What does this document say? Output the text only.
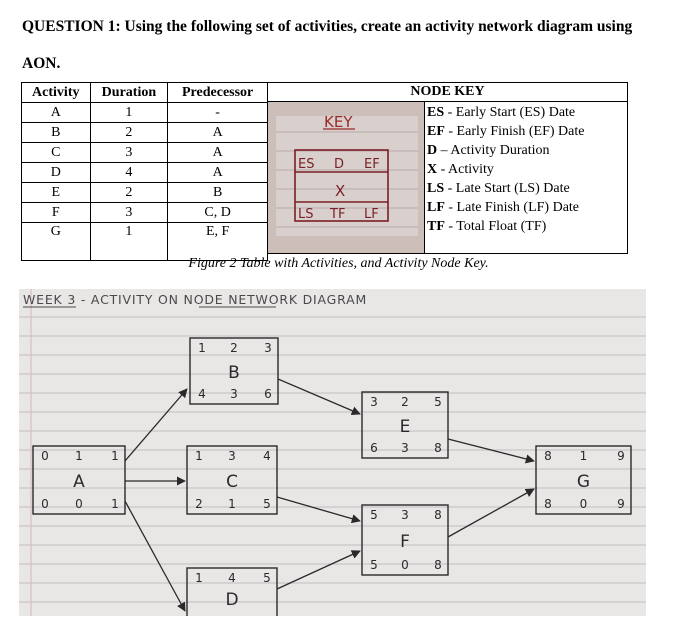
QUESTION 1: Using the following set of activities, create an activity network diagram using AON.
Activity	Duration	Predecessor
A	1	-
B	2	A
C	3	A
D	4	A
E	2	B
F	3	C, D
G	1	E, F
NODE KEY
KEY
ES D EF
X
LS TF LF
ES - Early Start (ES) Date
EF - Early Finish (EF) Date
D – Activity Duration
X - Activity
LS - Late Start (LS) Date
LF - Late Finish (LF) Date
TF - Total Float (TF)
Figure 2 Table with Activities, and Activity Node Key.
WEEK 3 - ACTIVITY ON NODE NETWORK DIAGRAM
0 1 1
A
0 0 1
1 2 3
B
4 3 6
1 3 4
C
2 1 5
1 4 5
D
3 2 5
E
6 3 8
5 3 8
F
5 0 8
8 1 9
G
8 0 9
